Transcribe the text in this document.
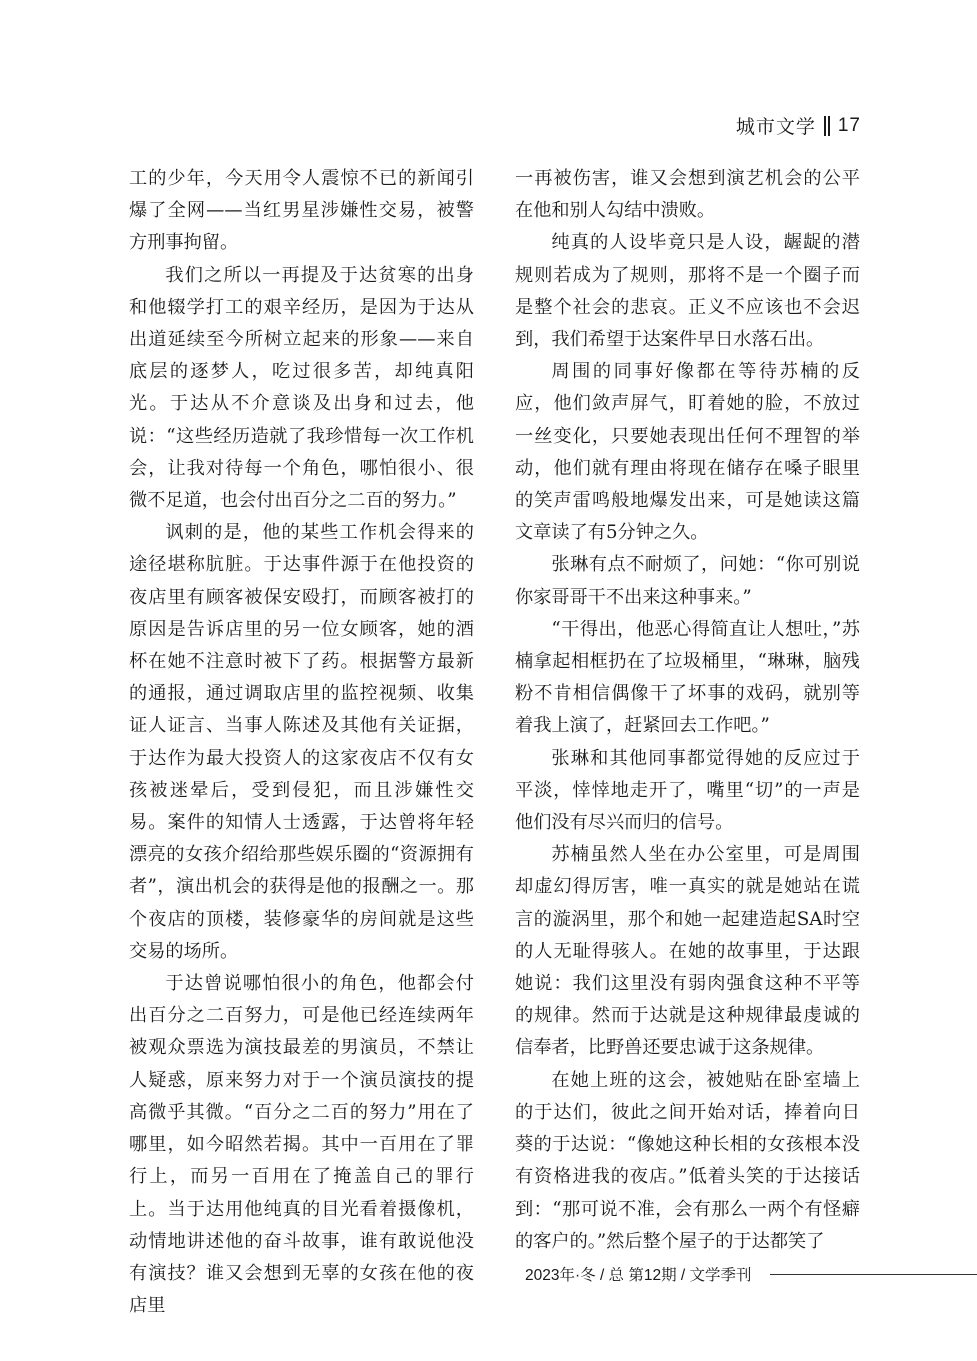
城市文学 17

工的少年，今天用令人震惊不已的新闻引爆了全网——当红男星涉嫌性交易，被警方刑事拘留。

我们之所以一再提及于达贫寒的出身和他辍学打工的艰辛经历，是因为于达从出道延续至今所树立起来的形象——来自底层的逐梦人，吃过很多苦，却纯真阳光。于达从不介意谈及出身和过去，他说：“这些经历造就了我珍惜每一次工作机会，让我对待每一个角色，哪怕很小、很微不足道，也会付出百分之二百的努力。”

讽刺的是，他的某些工作机会得来的途径堪称肮脏。于达事件源于在他投资的夜店里有顾客被保安殴打，而顾客被打的原因是告诉店里的另一位女顾客，她的酒杯在她不注意时被下了药。根据警方最新的通报，通过调取店里的监控视频、收集证人证言、当事人陈述及其他有关证据，于达作为最大投资人的这家夜店不仅有女孩被迷晕后，受到侵犯，而且涉嫌性交易。案件的知情人士透露，于达曾将年轻漂亮的女孩介绍给那些娱乐圈的“资源拥有者”，演出机会的获得是他的报酬之一。那个夜店的顶楼，装修豪华的房间就是这些交易的场所。

于达曾说哪怕很小的角色，他都会付出百分之二百努力，可是他已经连续两年被观众票选为演技最差的男演员，不禁让人疑惑，原来努力对于一个演员演技的提高微乎其微。“百分之二百的努力”用在了哪里，如今昭然若揭。其中一百用在了罪行上，而另一百用在了掩盖自己的罪行上。当于达用他纯真的目光看着摄像机，动情地讲述他的奋斗故事，谁有敢说他没有演技？谁又会想到无辜的女孩在他的夜店里

一再被伤害，谁又会想到演艺机会的公平在他和别人勾结中溃败。

纯真的人设毕竟只是人设，龌龊的潜规则若成为了规则，那将不是一个圈子而是整个社会的悲哀。正义不应该也不会迟到，我们希望于达案件早日水落石出。

周围的同事好像都在等待苏楠的反应，他们敛声屏气，盯着她的脸，不放过一丝变化，只要她表现出任何不理智的举动，他们就有理由将现在储存在嗓子眼里的笑声雷鸣般地爆发出来，可是她读这篇文章读了有5分钟之久。

张琳有点不耐烦了，问她：“你可别说你家哥哥干不出来这种事来。”

“干得出，他恶心得简直让人想吐，”苏楠拿起相框扔在了垃圾桶里，“琳琳，脑残粉不肯相信偶像干了坏事的戏码，就别等着我上演了，赶紧回去工作吧。”

张琳和其他同事都觉得她的反应过于平淡，悻悻地走开了，嘴里“切”的一声是他们没有尽兴而归的信号。

苏楠虽然人坐在办公室里，可是周围却虚幻得厉害，唯一真实的就是她站在谎言的漩涡里，那个和她一起建造起SA时空的人无耻得骇人。在她的故事里，于达跟她说：我们这里没有弱肉强食这种不平等的规律。然而于达就是这种规律最虔诚的信奉者，比野兽还要忠诚于这条规律。

在她上班的这会，被她贴在卧室墙上的于达们，彼此之间开始对话，捧着向日葵的于达说：“像她这种长相的女孩根本没有资格进我的夜店。”低着头笑的于达接话到：“那可说不准，会有那么一两个有怪癖的客户的。”然后整个屋子的于达都笑了

2023年·冬 / 总 第12期 / 文学季刊
